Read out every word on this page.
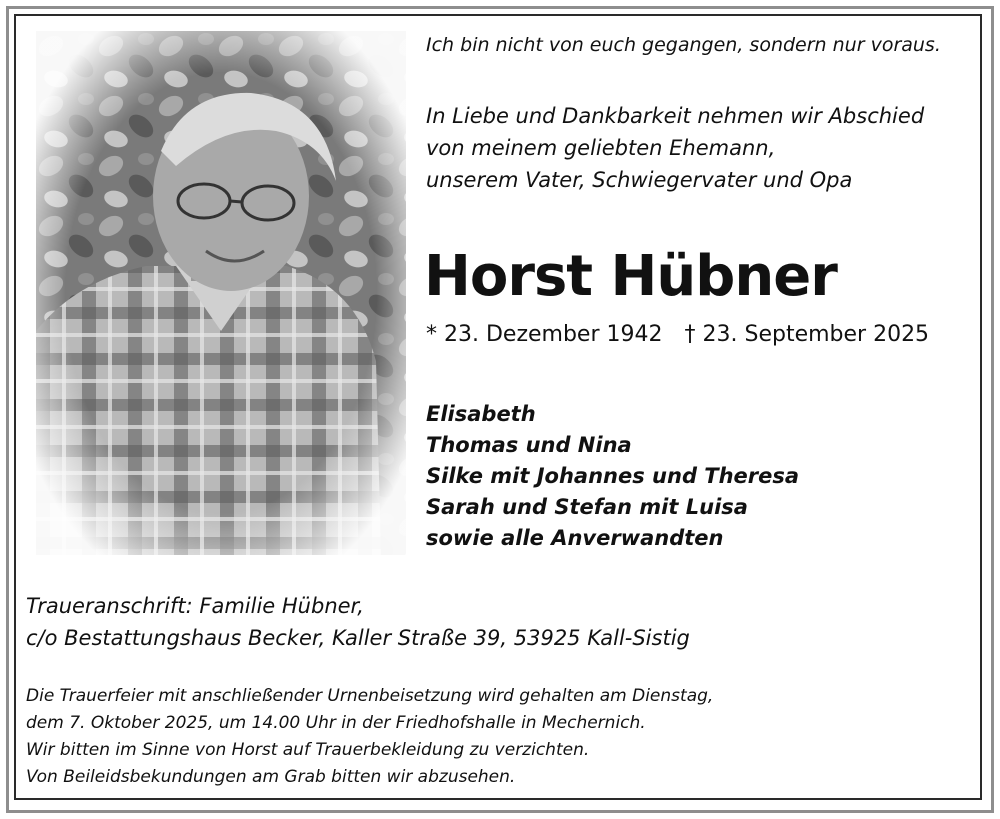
Ich bin nicht von euch gegangen, sondern nur voraus.

In Liebe und Dankbarkeit nehmen wir Abschied

von meinem geliebten Ehemann,

unserem Vater, Schwiegervater und Opa

Horst Hübner
* 23. Dezember 1942 † 23. September 2025

Elisabeth

Thomas und Nina

Silke mit Johannes und Theresa

Sarah und Stefan mit Luisa

sowie alle Anverwandten

Traueranschrift: Familie Hübner,

c/o Bestattungshaus Becker, Kaller Straße 39, 53925 Kall-Sistig

Die Trauerfeier mit anschließender Urnenbeisetzung wird gehalten am Dienstag,

dem 7. Oktober 2025, um 14.00 Uhr in der Friedhofshalle in Mechernich.

Wir bitten im Sinne von Horst auf Trauerbekleidung zu verzichten.

Von Beileidsbekundungen am Grab bitten wir abzusehen.
